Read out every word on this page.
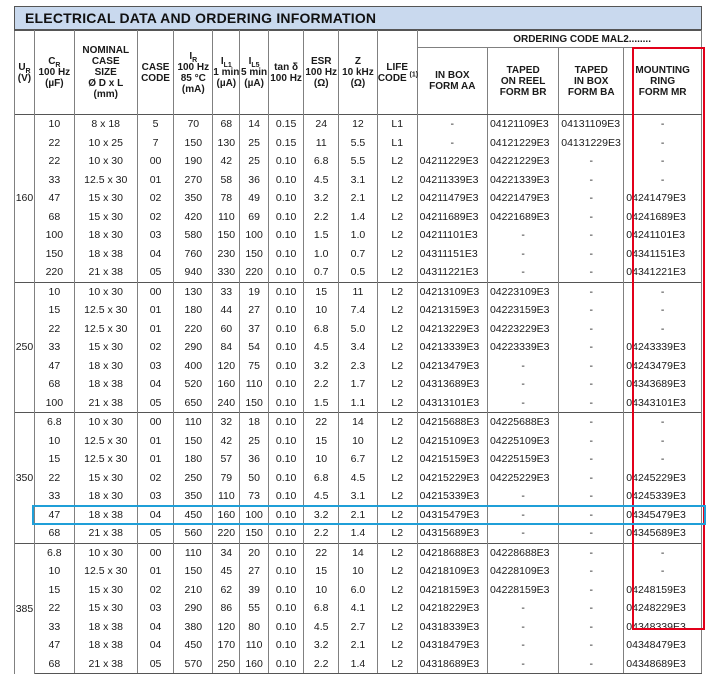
ELECTRICAL DATA AND ORDERING INFORMATION
$U_R$
(V)	$C_R$
100 Hz
(µF)	NOMINAL
CASE
SIZE
Ø D x L
(mm)	CASE
CODE	$I_R$
100 Hz
85 °C
(mA)	$I_{L1}$
1 min
(µA)	$I_{L5}$
5 min
(µA)	tan δ
100 Hz	ESR
100 Hz
(Ω)	Z
10 kHz
(Ω)	LIFE
CODE $^{(1)}$	ORDERING CODE MAL2........			
											IN BOX
FORM AA	TAPED
ON REEL
FORM BR	TAPED
IN BOX
FORM BA	MOUNTING
RING
FORM MR
160	10	8 x 18	5	70	68	14	0.15	24	12	L1	-	04121109E3	04131109E3	-
	22	10 x 25	7	150	130	25	0.15	11	5.5	L1	-	04121229E3	04131229E3	-
	22	10 x 30	00	190	42	25	0.10	6.8	5.5	L2	04211229E3	04221229E3	-	-
	33	12.5 x 30	01	270	58	36	0.10	4.5	3.1	L2	04211339E3	04221339E3	-	-
	47	15 x 30	02	350	78	49	0.10	3.2	2.1	L2	04211479E3	04221479E3	-	04241479E3
	68	15 x 30	02	420	110	69	0.10	2.2	1.4	L2	04211689E3	04221689E3	-	04241689E3
	100	18 x 30	03	580	150	100	0.10	1.5	1.0	L2	04211101E3	-	-	04241101E3
	150	18 x 38	04	760	230	150	0.10	1.0	0.7	L2	04311151E3	-	-	04341151E3
	220	21 x 38	05	940	330	220	0.10	0.7	0.5	L2	04311221E3	-	-	04341221E3
250	10	10 x 30	00	130	33	19	0.10	15	11	L2	04213109E3	04223109E3	-	-
	15	12.5 x 30	01	180	44	27	0.10	10	7.4	L2	04213159E3	04223159E3	-	-
	22	12.5 x 30	01	220	60	37	0.10	6.8	5.0	L2	04213229E3	04223229E3	-	-
	33	15 x 30	02	290	84	54	0.10	4.5	3.4	L2	04213339E3	04223339E3	-	04243339E3
	47	18 x 30	03	400	120	75	0.10	3.2	2.3	L2	04213479E3	-	-	04243479E3
	68	18 x 38	04	520	160	110	0.10	2.2	1.7	L2	04313689E3	-	-	04343689E3
	100	21 x 38	05	650	240	150	0.10	1.5	1.1	L2	04313101E3	-	-	04343101E3
350	6.8	10 x 30	00	110	32	18	0.10	22	14	L2	04215688E3	04225688E3	-	-
	10	12.5 x 30	01	150	42	25	0.10	15	10	L2	04215109E3	04225109E3	-	-
	15	12.5 x 30	01	180	57	36	0.10	10	6.7	L2	04215159E3	04225159E3	-	-
	22	15 x 30	02	250	79	50	0.10	6.8	4.5	L2	04215229E3	04225229E3	-	04245229E3
	33	18 x 30	03	350	110	73	0.10	4.5	3.1	L2	04215339E3	-	-	04245339E3
	47	18 x 38	04	450	160	100	0.10	3.2	2.1	L2	04315479E3	-	-	04345479E3
	68	21 x 38	05	560	220	150	0.10	2.2	1.4	L2	04315689E3	-	-	04345689E3
385	6.8	10 x 30	00	110	34	20	0.10	22	14	L2	04218688E3	04228688E3	-	-
	10	12.5 x 30	01	150	45	27	0.10	15	10	L2	04218109E3	04228109E3	-	-
	15	15 x 30	02	210	62	39	0.10	10	6.0	L2	04218159E3	04228159E3	-	04248159E3
	22	15 x 30	03	290	86	55	0.10	6.8	4.1	L2	04218229E3	-	-	04248229E3
	33	18 x 38	04	380	120	80	0.10	4.5	2.7	L2	04318339E3	-	-	04348339E3
	47	18 x 38	04	450	170	110	0.10	3.2	2.1	L2	04318479E3	-	-	04348479E3
	68	21 x 38	05	570	250	160	0.10	2.2	1.4	L2	04318689E3	-	-	04348689E3
